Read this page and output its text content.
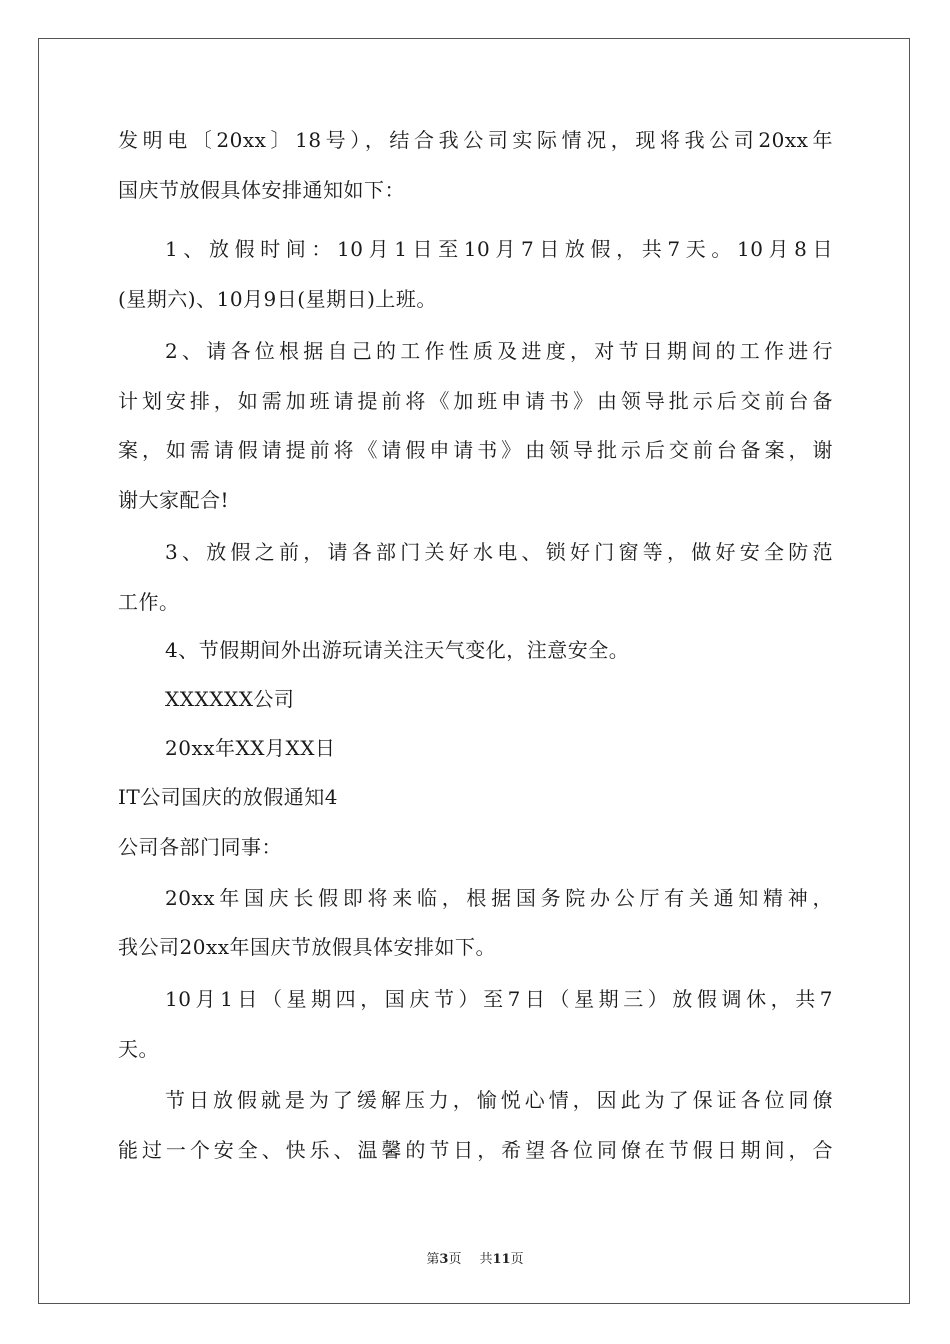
发明电〔20xx〕18号），结合我公司实际情况，现将我公司20xx年
国庆节放假具体安排通知如下：
1、放假时间：10月1日至10月7日放假，共7天。10月8日
(星期六)、10月9日(星期日)上班。
2、请各位根据自己的工作性质及进度，对节日期间的工作进行
计划安排，如需加班请提前将《加班申请书》由领导批示后交前台备
案，如需请假请提前将《请假申请书》由领导批示后交前台备案，谢
谢大家配合!
3、放假之前，请各部门关好水电、锁好门窗等，做好安全防范
工作。
4、节假期间外出游玩请关注天气变化，注意安全。
XXXXXX公司
20xx年XX月XX日
IT公司国庆的放假通知4
公司各部门同事：
20xx年国庆长假即将来临，根据国务院办公厅有关通知精神，
我公司20xx年国庆节放假具体安排如下。
10月1日（星期四，国庆节）至7日（星期三）放假调休，共7
天。
节日放假就是为了缓解压力，愉悦心情，因此为了保证各位同僚
能过一个安全、快乐、温馨的节日，希望各位同僚在节假日期间，合
第3页 共11页
